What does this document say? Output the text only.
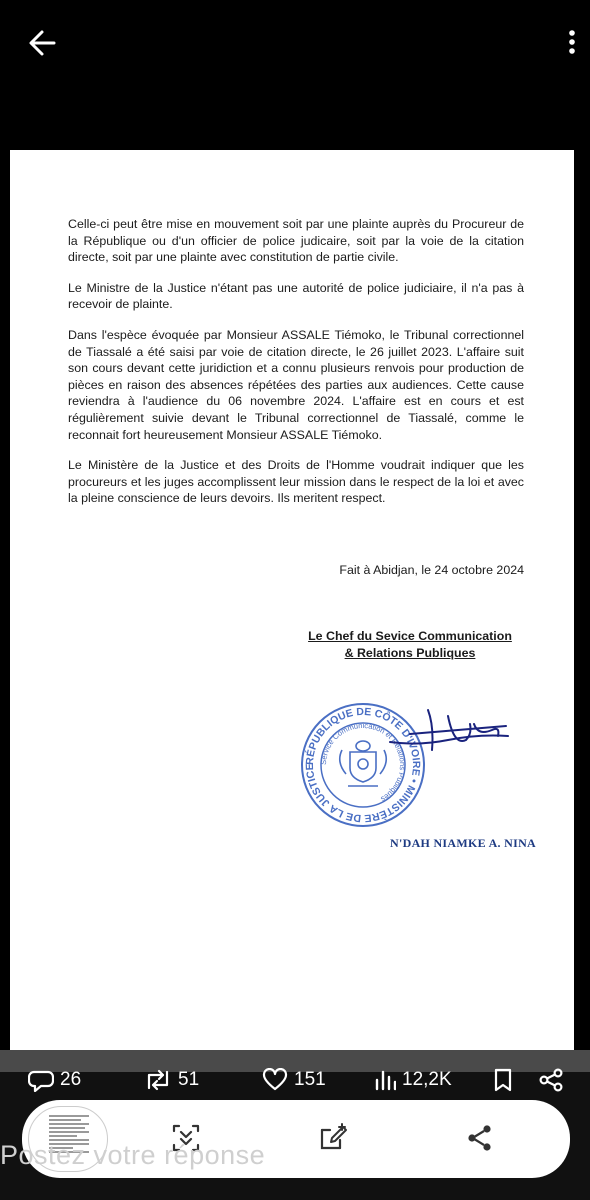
Celle-ci peut être mise en mouvement soit par une plainte auprès du Procureur de la République ou d'un officier de police judicaire, soit par la voie de la citation directe, soit par une plainte avec constitution de partie civile.

Le Ministre de la Justice n'étant pas une autorité de police judiciaire, il n'a pas à recevoir de plainte.

Dans l'espèce évoquée par Monsieur ASSALE Tiémoko, le Tribunal correctionnel de Tiassalé a été saisi par voie de citation directe, le 26 juillet 2023. L'affaire suit son cours devant cette juridiction et a connu plusieurs renvois pour production de pièces en raison des absences répétées des parties aux audiences. Cette cause reviendra à l'audience du 06 novembre 2024. L'affaire est en cours et est régulièrement suivie devant le Tribunal correctionnel de Tiassalé, comme le reconnait fort heureusement Monsieur ASSALE Tiémoko.

Le Ministère de la Justice et des Droits de l'Homme voudrait indiquer que les procureurs et les juges accomplissent leur mission dans le respect de la loi et avec la pleine conscience de leurs devoirs. Ils meritent respect.

Fait à Abidjan, le 24 octobre 2024
Le Chef du Sevice Communication
& Relations Publiques
RÉPUBLIQUE DE CÔTE D'IVOIRE • MINISTÈRE DE LA JUSTICE
Service Communication et Relations Publiques
N'DAH NIAMKE A. NINA
26	51	151	12,2K
Postez votre réponse
